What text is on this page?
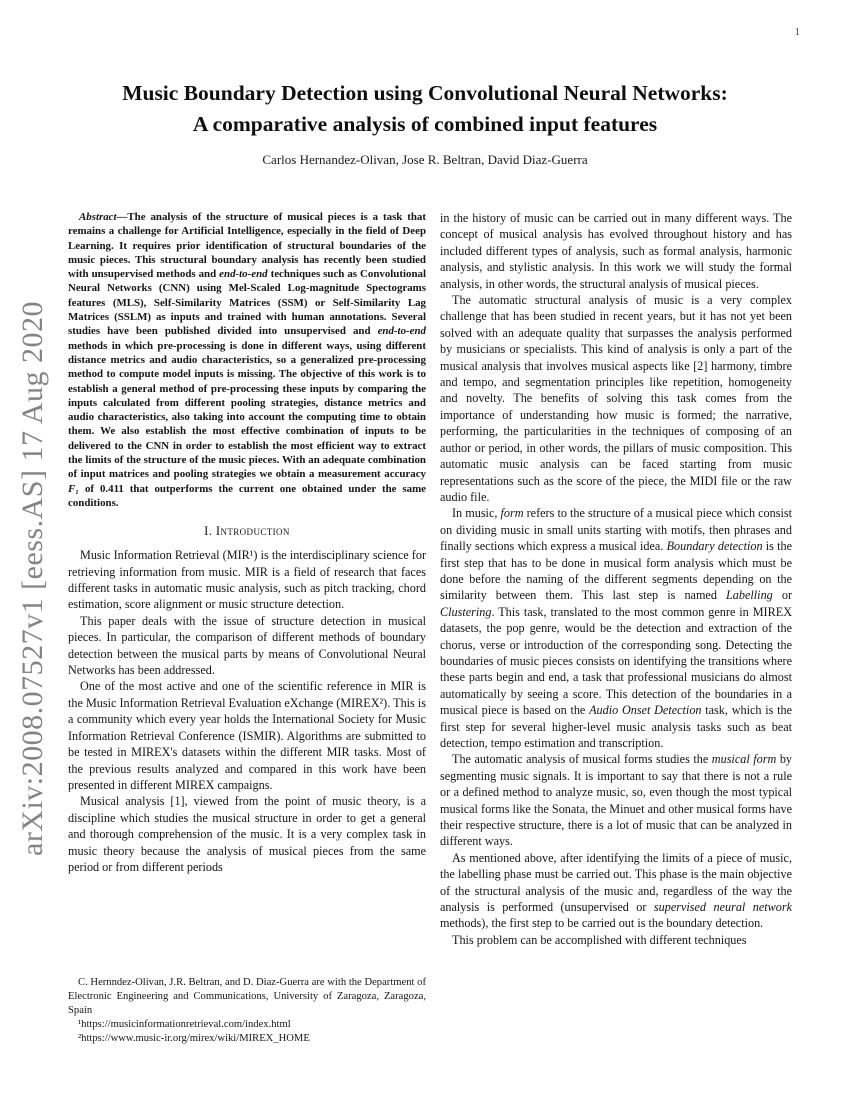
1
arXiv:2008.07527v1 [eess.AS] 17 Aug 2020
Music Boundary Detection using Convolutional Neural Networks:
A comparative analysis of combined input features
Carlos Hernandez-Olivan, Jose R. Beltran, David Diaz-Guerra

Abstract—The analysis of the structure of musical pieces is a task that remains a challenge for Artificial Intelligence, especially in the field of Deep Learning. It requires prior identification of structural boundaries of the music pieces. This structural boundary analysis has recently been studied with unsupervised methods and end-to-end techniques such as Convolutional Neural Networks (CNN) using Mel-Scaled Log-magnitude Spectograms features (MLS), Self-Similarity Matrices (SSM) or Self-Similarity Lag Matrices (SSLM) as inputs and trained with human annotations. Several studies have been published divided into unsupervised and end-to-end methods in which pre-processing is done in different ways, using different distance metrics and audio characteristics, so a generalized pre-processing method to compute model inputs is missing. The objective of this work is to establish a general method of pre-processing these inputs by comparing the inputs calculated from different pooling strategies, distance metrics and audio characteristics, also taking into account the computing time to obtain them. We also establish the most effective combination of inputs to be delivered to the CNN in order to establish the most efficient way to extract the limits of the structure of the music pieces. With an adequate combination of input matrices and pooling strategies we obtain a measurement accuracy F₁ of 0.411 that outperforms the current one obtained under the same conditions.

I. Introduction

Music Information Retrieval (MIR¹) is the interdisciplinary science for retrieving information from music. MIR is a field of research that faces different tasks in automatic music analysis, such as pitch tracking, chord estimation, score alignment or music structure detection.

This paper deals with the issue of structure detection in musical pieces. In particular, the comparison of different methods of boundary detection between the musical parts by means of Convolutional Neural Networks has been addressed.

One of the most active and one of the scientific reference in MIR is the Music Information Retrieval Evaluation eXchange (MIREX²). This is a community which every year holds the International Society for Music Information Retrieval Conference (ISMIR). Algorithms are submitted to be tested in MIREX's datasets within the different MIR tasks. Most of the previous results analyzed and compared in this work have been presented in different MIREX campaigns.

Musical analysis [1], viewed from the point of music theory, is a discipline which studies the musical structure in order to get a general and thorough comprehension of the music. It is a very complex task in music theory because the analysis of musical pieces from the same period or from different periods

in the history of music can be carried out in many different ways. The concept of musical analysis has evolved throughout history and has included different types of analysis, such as formal analysis, harmonic analysis, and stylistic analysis. In this work we will study the formal analysis, in other words, the structural analysis of musical pieces.

The automatic structural analysis of music is a very complex challenge that has been studied in recent years, but it has not yet been solved with an adequate quality that surpasses the analysis performed by musicians or specialists. This kind of analysis is only a part of the musical analysis that involves musical aspects like [2] harmony, timbre and tempo, and segmentation principles like repetition, homogeneity and novelty. The benefits of solving this task comes from the importance of understanding how music is formed; the narrative, performing, the particularities in the techniques of composing of an author or period, in other words, the pillars of music composition. This automatic music analysis can be faced starting from music representations such as the score of the piece, the MIDI file or the raw audio file.

In music, form refers to the structure of a musical piece which consist on dividing music in small units starting with motifs, then phrases and finally sections which express a musical idea. Boundary detection is the first step that has to be done in musical form analysis which must be done before the naming of the different segments depending on the similarity between them. This last step is named Labelling or Clustering. This task, translated to the most common genre in MIREX datasets, the pop genre, would be the detection and extraction of the chorus, verse or introduction of the corresponding song. Detecting the boundaries of music pieces consists on identifying the transitions where these parts begin and end, a task that professional musicians do almost automatically by seeing a score. This detection of the boundaries in a musical piece is based on the Audio Onset Detection task, which is the first step for several higher-level music analysis tasks such as beat detection, tempo estimation and transcription.

The automatic analysis of musical forms studies the musical form by segmenting music signals. It is important to say that there is not a rule or a defined method to analyze music, so, even though the most typical musical forms like the Sonata, the Minuet and other musical forms have their respective structure, there is a lot of music that can be analyzed in different ways.

As mentioned above, after identifying the limits of a piece of music, the labelling phase must be carried out. This phase is the main objective of the structural analysis of the music and, regardless of the way the analysis is performed (unsupervised or supervised neural network methods), the first step to be carried out is the boundary detection.

This problem can be accomplished with different techniques

C. Hernndez-Olivan, J.R. Beltran, and D. Diaz-Guerra are with the Department of Electronic Engineering and Communications, University of Zaragoza, Zaragoza, Spain

¹https://musicinformationretrieval.com/index.html

²https://www.music-ir.org/mirex/wiki/MIREX_HOME
